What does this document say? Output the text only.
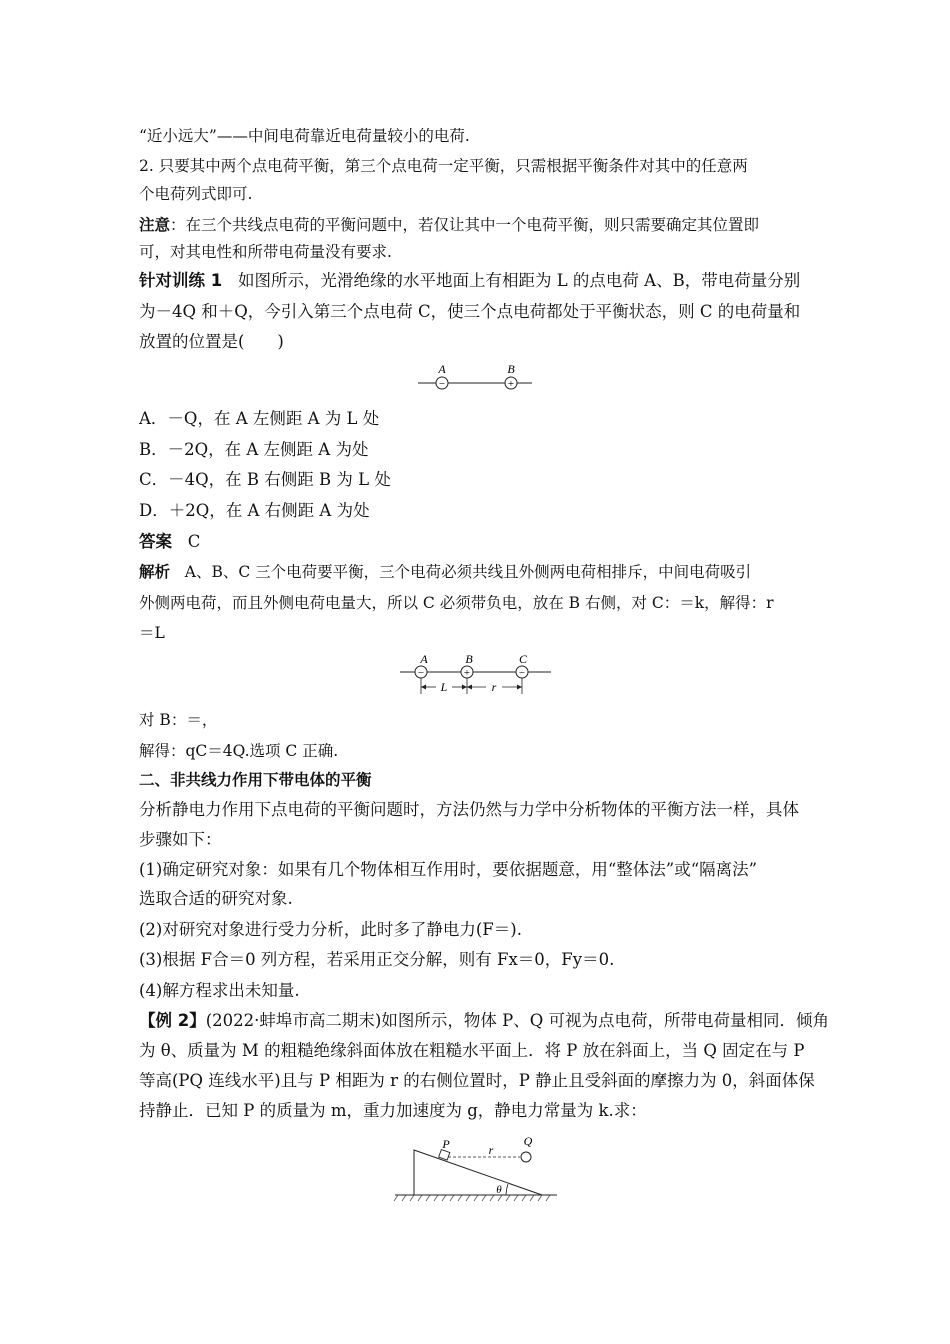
“近小远大”——中间电荷靠近电荷量较小的电荷.
2. 只要其中两个点电荷平衡，第三个点电荷一定平衡，只需根据平衡条件对其中的任意两
个电荷列式即可.
注意：在三个共线点电荷的平衡问题中，若仅让其中一个电荷平衡，则只需要确定其位置即
可，对其电性和所带电荷量没有要求.
针对训练 1 如图所示，光滑绝缘的水平地面上有相距为 L 的点电荷 A、B，带电荷量分别
为－4Q 和＋Q，今引入第三个点电荷 C，使三个点电荷都处于平衡状态，则 C 的电荷量和
放置的位置是(　　)
−	+
A	B
A．－Q，在 A 左侧距 A 为 L 处
B．－2Q，在 A 左侧距 A 为处
C．－4Q，在 B 右侧距 B 为 L 处
D．＋2Q，在 A 右侧距 A 为处
答案 C
解析 A、B、C 三个电荷要平衡，三个电荷必须共线且外侧两电荷相排斥，中间电荷吸引
外侧两电荷，而且外侧电荷电量大，所以 C 必须带负电，放在 B 右侧，对 C：＝k，解得：r
＝L
−	+	−
A	B	C
L	r
对 B：＝，
解得：qC＝4Q.选项 C 正确.
二、非共线力作用下带电体的平衡
分析静电力作用下点电荷的平衡问题时，方法仍然与力学中分析物体的平衡方法一样，具体
步骤如下：
(1)确定研究对象：如果有几个物体相互作用时，要依据题意，用“整体法”或“隔离法”
选取合适的研究对象.
(2)对研究对象进行受力分析，此时多了静电力(F＝).
(3)根据 F合＝0 列方程，若采用正交分解，则有 Fx＝0，Fy＝0.
(4)解方程求出未知量.
【例 2】(2022·蚌埠市高二期末)如图所示，物体 P、Q 可视为点电荷，所带电荷量相同．倾角
为 θ、质量为 M 的粗糙绝缘斜面体放在粗糙水平面上．将 P 放在斜面上，当 Q 固定在与 P
等高(PQ 连线水平)且与 P 相距为 r 的右侧位置时，P 静止且受斜面的摩擦力为 0，斜面体保
持静止．已知 P 的质量为 m，重力加速度为 g，静电力常量为 k.求：
P	Q
r
θ
